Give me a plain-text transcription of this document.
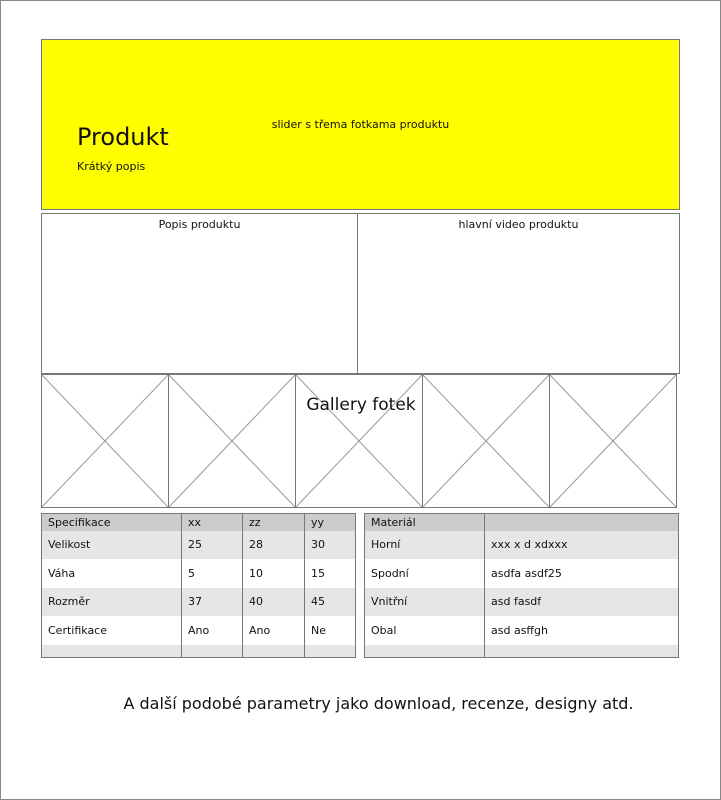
slider s třema fotkama produktu
Produkt
Krátký popis
Popis produktu	hlavní video produktu
Gallery fotek
Specifikace	xx	zz	yy
Velikost	25	28	30
Váha	5	10	15
Rozměr	37	40	45
Certifikace	Ano	Ano	Ne

Materiál	
Horní	xxx x d xdxxx
Spodní	asdfa asdf25
Vnitřní	asd fasdf
Obal	asd asffgh

A další podobé parametry jako download, recenze, designy atd.
